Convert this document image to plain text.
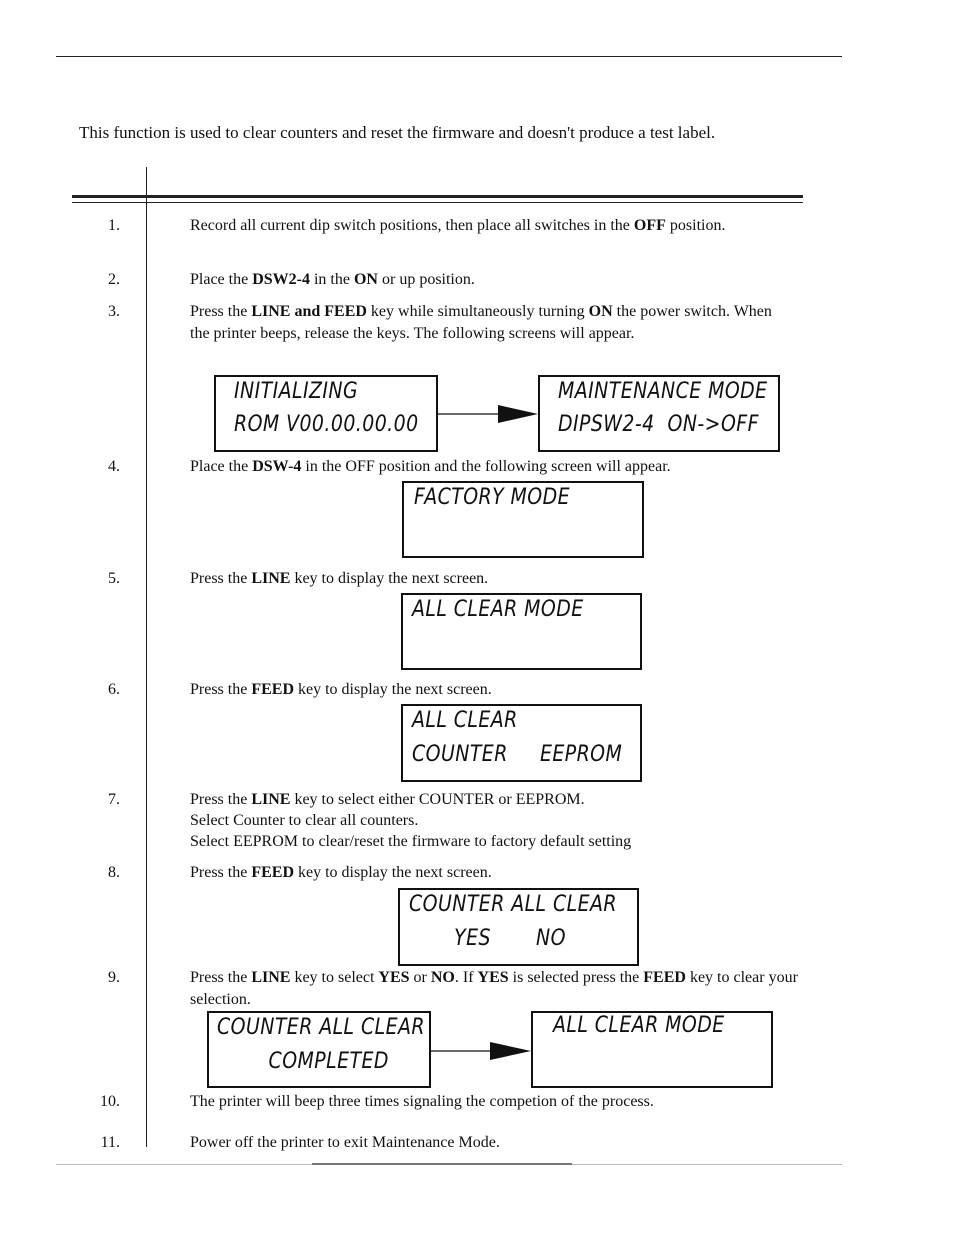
This function is used to clear counters and reset the firmware and doesn't produce a test label.
1.	Record all current dip switch positions, then place all switches in the OFF position.
2.	Place the DSW2-4 in the ON or up position.
3.	Press the LINE and FEED key while simultaneously turning ON the power switch. When the printer beeps, release the keys. The following screens will appear.
INITIALIZING
ROM V00.00.00.00
MAINTENANCE MODE
DIPSW2-4  ON->OFF
4.	Place the DSW-4 in the OFF position and the following screen will appear.
FACTORY MODE
5.	Press the LINE key to display the next screen.
ALL CLEAR MODE
6.	Press the FEED key to display the next screen.
ALL CLEAR
COUNTER     EEPROM
7.	Press the LINE key to select either COUNTER or EEPROM.
Select Counter to clear all counters.
Select EEPROM to clear/reset the firmware to factory default setting
8.	Press the FEED key to display the next screen.
COUNTER ALL CLEAR
YES       NO
9.	Press the LINE key to select YES or NO. If YES is selected press the FEED key to clear your selection.
COUNTER ALL CLEAR
COMPLETED
ALL CLEAR MODE
10.	The printer will beep three times signaling the competion of the process.
11.	Power off the printer to exit Maintenance Mode.
